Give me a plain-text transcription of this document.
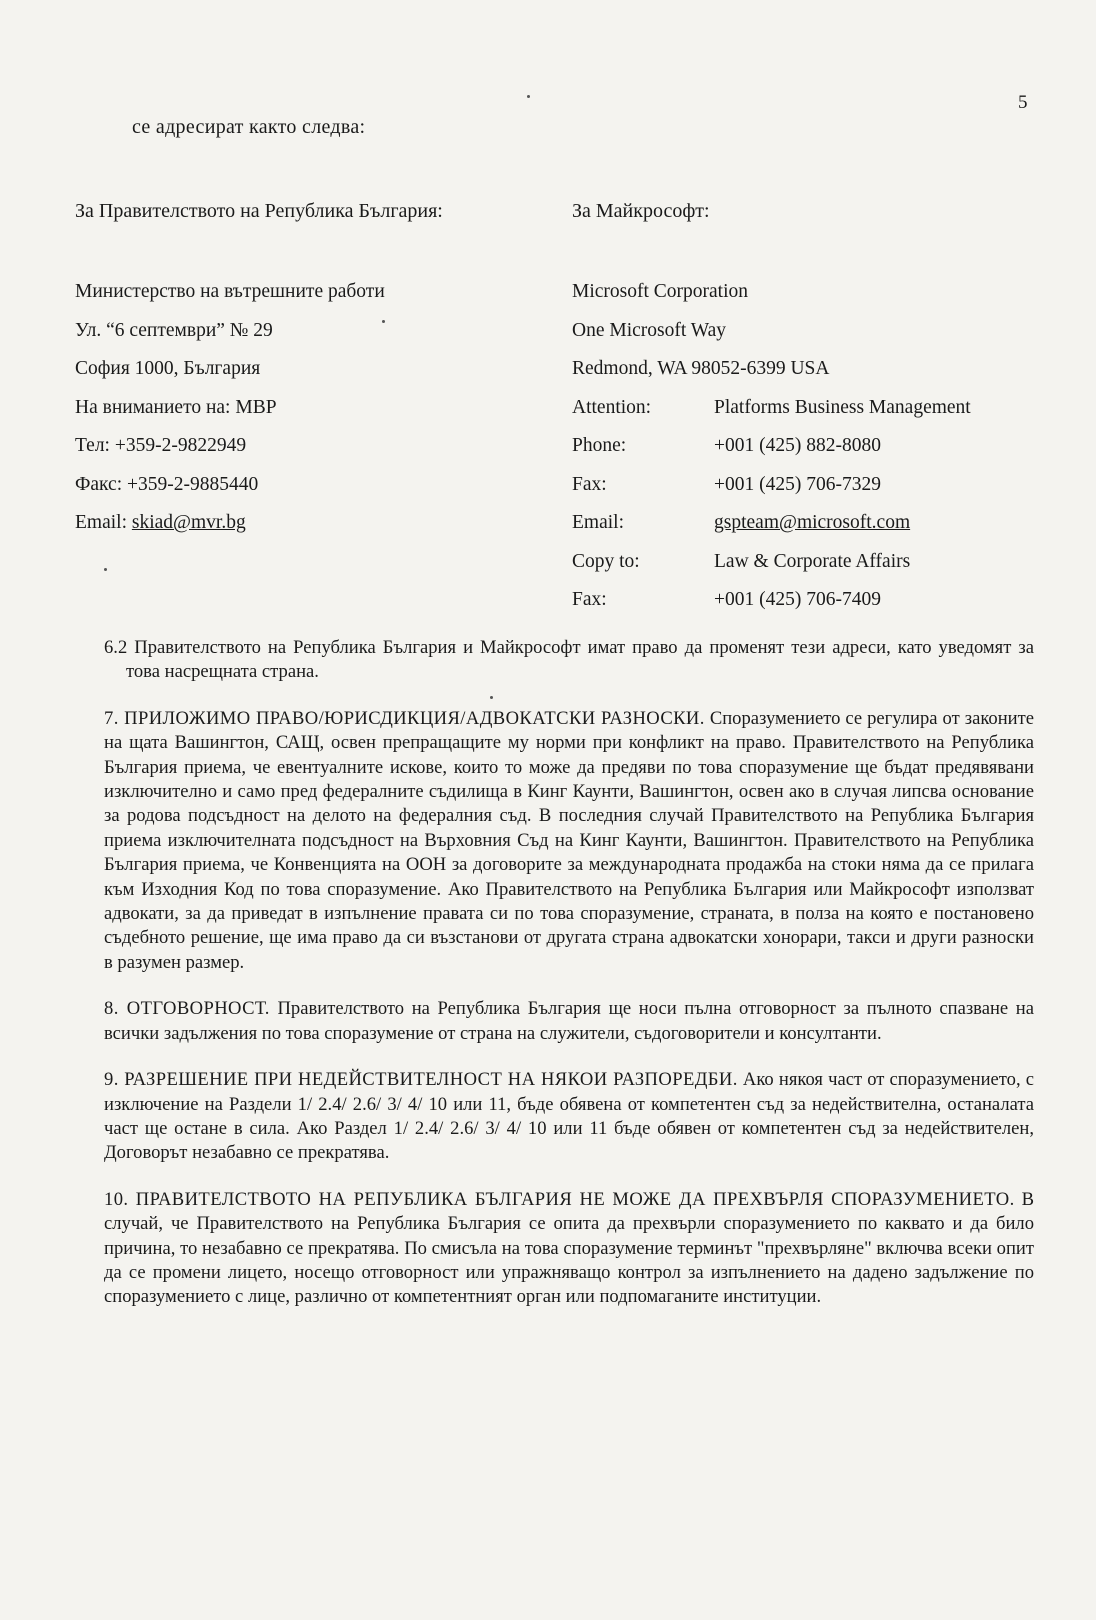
5
се адресират както следва:
За Правителството на Република България:
Министерство на вътрешните работи
Ул. “6 септември” № 29
София 1000, България
На вниманието на: МВР
Тел: +359-2-9822949
Факс: +359-2-9885440
Email: skiad@mvr.bg
За Майкрософт:
Microsoft Corporation
One Microsoft Way
Redmond, WA 98052-6399 USA
Attention:	Platforms Business Management
Phone:	+001 (425) 882-8080
Fax:	+001 (425) 706-7329
Email:	gspteam@microsoft.com
Copy to:	Law & Corporate Affairs
Fax:	+001 (425) 706-7409

6.2 Правителството на Република България и Майкрософт имат право да променят тези адреси, като уведомят за това насрещната страна.

7. ПРИЛОЖИМО ПРАВО/ЮРИСДИКЦИЯ/АДВОКАТСКИ РАЗНОСКИ. Споразумението се регулира от законите на щата Вашингтон, САЩ, освен препращащите му норми при конфликт на право. Правителството на Република България приема, че евентуалните искове, които то може да предяви по това споразумение ще бъдат предявявани изключително и само пред федералните съдилища в Кинг Каунти, Вашингтон, освен ако в случая липсва основание за родова подсъдност на делото на федералния съд. В последния случай Правителството на Република България приема изключителната подсъдност на Върховния Съд на Кинг Каунти, Вашингтон. Правителството на Република България приема, че Конвенцията на ООН за договорите за международната продажба на стоки няма да се прилага към Изходния Код по това споразумение. Ако Правителството на Република България или Майкрософт използват адвокати, за да приведат в изпълнение правата си по това споразумение, страната, в полза на която е постановено съдебното решение, ще има право да си възстанови от другата страна адвокатски хонорари, такси и други разноски в разумен размер.

8. ОТГОВОРНОСТ. Правителството на Република България ще носи пълна отговорност за пълното спазване на всички задължения по това споразумение от страна на служители, съдоговорители и консултанти.

9. РАЗРЕШЕНИЕ ПРИ НЕДЕЙСТВИТЕЛНОСТ НА НЯКОИ РАЗПОРЕДБИ. Ако някоя част от споразумението, с изключение на Раздели 1/ 2.4/ 2.6/ 3/ 4/ 10 или 11, бъде обявена от компетентен съд за недействителна, останалата част ще остане в сила. Ако Раздел 1/ 2.4/ 2.6/ 3/ 4/ 10 или 11 бъде обявен от компетентен съд за недействителен, Договорът незабавно се прекратява.

10. ПРАВИТЕЛСТВОТО НА РЕПУБЛИКА БЪЛГАРИЯ НЕ МОЖЕ ДА ПРЕХВЪРЛЯ СПОРАЗУМЕНИЕТО. В случай, че Правителството на Република България се опита да прехвърли споразумението по каквато и да било причина, то незабавно се прекратява. По смисъла на това споразумение терминът "прехвърляне" включва всеки опит да се промени лицето, носещо отговорност или упражняващо контрол за изпълнението на дадено задължение по споразумението с лице, различно от компетентният орган или подпомаганите институции.
